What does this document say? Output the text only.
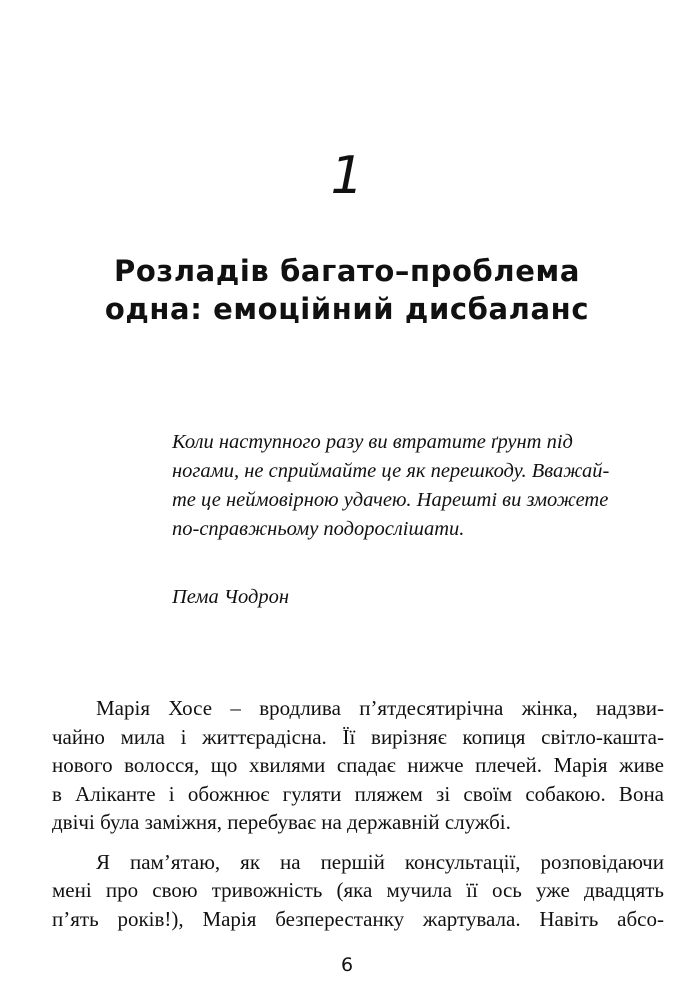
1
Розладів багато–проблема
одна: емоційний дисбаланс
Коли наступного разу ви втратите ґрунт під
ногами, не сприймайте це як перешкоду. Вважай-
те це неймовірною удачею. Нарешті ви зможете
по-справжньому подорослішати.
Пема Чодрон
Марія Хосе – вродлива п’ятдесятирічна жінка, надзви-
чайно мила і життєрадісна. Її вирізняє копиця світло-кашта-
нового волосся, що хвилями спадає нижче плечей. Марія живе
в Аліканте і обожнює гуляти пляжем зі своїм собакою. Вона
двічі була заміжня, перебуває на державній службі.
Я пам’ятаю, як на першій консультації, розповідаючи
мені про свою тривожність (яка мучила її ось уже двадцять
п’ять років!), Марія безперестанку жартувала. Навіть абсо-
6
